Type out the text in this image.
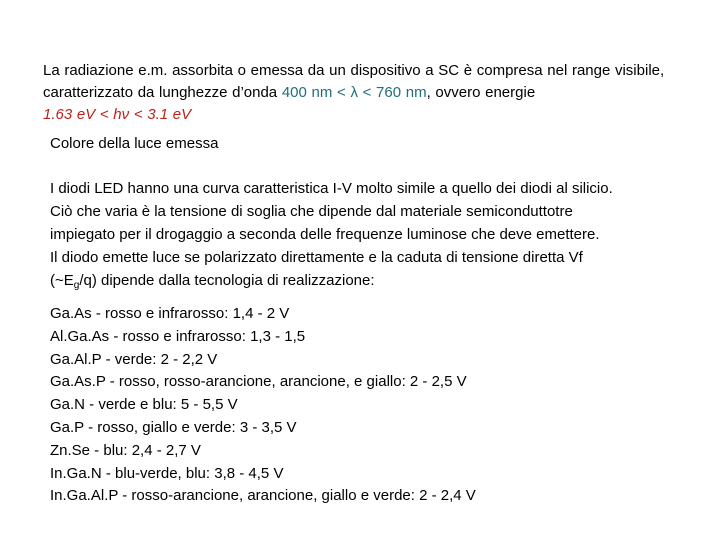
La radiazione e.m. assorbita o emessa da un dispositivo a SC è compresa nel range visibile, caratterizzato da lunghezze d’onda 400 nm < λ < 760 nm, ovvero energie
1.63 eV < hν < 3.1 eV
Colore della luce emessa

I diodi LED hanno una curva caratteristica I-V molto simile a quello dei diodi al silicio.

Ciò che varia è la tensione di soglia che dipende dal materiale semiconduttotre

impiegato per il drogaggio a seconda delle frequenze luminose che deve emettere.

Il diodo emette luce se polarizzato direttamente e la caduta di tensione diretta Vf

$(\sim E_g/q)$ dipende dalla tecnologia di realizzazione:

Ga.As - rosso e infrarosso: 1,4 - 2 V
Al.Ga.As - rosso e infrarosso: 1,3 - 1,5
Ga.Al.P - verde: 2 - 2,2 V
Ga.As.P - rosso, rosso-arancione, arancione, e giallo: 2 - 2,5 V
Ga.N - verde e blu: 5 - 5,5 V
Ga.P - rosso, giallo e verde: 3 - 3,5 V
Zn.Se - blu: 2,4 - 2,7 V
In.Ga.N - blu-verde, blu: 3,8 - 4,5 V
In.Ga.Al.P - rosso-arancione, arancione, giallo e verde: 2 - 2,4 V
